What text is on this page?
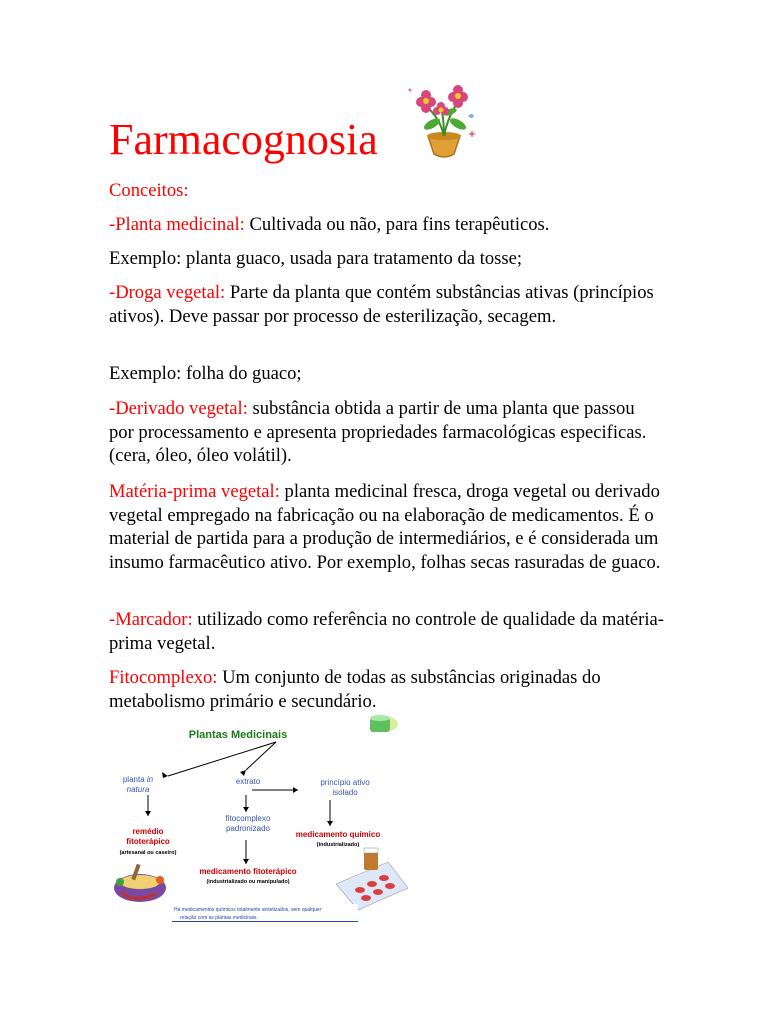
Farmacognosia

Conceitos:

-Planta medicinal: Cultivada ou não, para fins terapêuticos.

Exemplo: planta guaco, usada para tratamento da tosse;

-Droga vegetal: Parte da planta que contém substâncias ativas (princípios ativos). Deve passar por processo de esterilização, secagem.

Exemplo: folha do guaco;

-Derivado vegetal: substância obtida a partir de uma planta que passou por processamento e apresenta propriedades farmacológicas especificas. (cera, óleo, óleo volátil).

Matéria-prima vegetal: planta medicinal fresca, droga vegetal ou derivado vegetal empregado na fabricação ou na elaboração de medicamentos. É o material de partida para a produção de intermediários, e é considerada um insumo farmacêutico ativo. Por exemplo, folhas secas rasuradas de guaco.

-Marcador: utilizado como referência no controle de qualidade da matéria-prima vegetal.

Fitocomplexo: Um conjunto de todas as substâncias originadas do metabolismo primário e secundário.

Plantas Medicinais
planta in
natura
extrato	princípio ativo
isolado
fitocomplexo
padronizado
remédio
fitoterápico
(artesanal ou caseiro)
medicamento químico
(industrializado)
medicamento fitoterápico
(industrializado ou manipulado)
Há medicamentos químicos totalmente sintetizados, sem qualquer
relação com as plantas medicinais.
